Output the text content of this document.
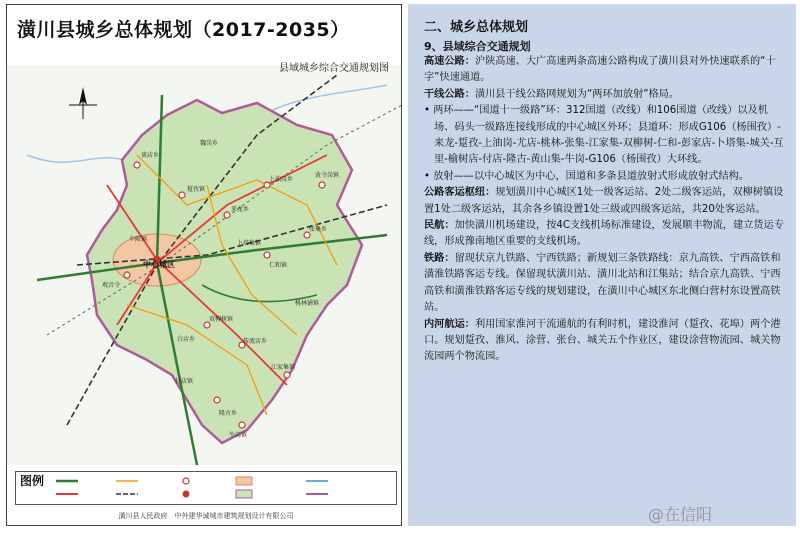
中心城区
谈店乡
踅孜镇
来龙乡
上油岗乡
黄寺岗镇
伞陂镇
魏岗乡
卜塔集镇
双柳树镇
张集乡
仁和镇
桃林铺镇
白店乡
隆古乡
付店镇
江家集镇
传流店乡
牛岗镇
观音寺
潢川县城乡总体规划（2017-2035）
县域城乡综合交通规划图
图例
潢川县人民政府　中外建华诚城市建筑规划设计有限公司
二、城乡总体规划
9、县域综合交通规划

高速公路：沪陕高速、大广高速两条高速公路构成了潢川县对外快速联系的“十字”快速通道。

干线公路：潢川县干线公路网规划为“两环加放射”格局。

• 两环——“国道十一级路”环：312国道（改线）和106国道（改线）以及机场、码头一级路连接线形成的中心城区外环；县道环：形成G106（杨围孜）-来龙-踅孜-上油岗-尤店-桃林-张集-江家集-双柳树-仁和-彭家店-卜塔集-城关-互里-榆树店-付店-隆古-黄山集-牛岗-G106（杨围孜）大环线。

• 放射——以中心城区为中心，国道和多条县道放射式形成放射式结构。

公路客运枢纽：规划潢川中心城区1处一级客运站、2处二级客运站，双柳树镇设置1处二级客运站，其余各乡镇设置1处三级或四级客运站，共20处客运站。

民航：加快潢川机场建设，按4C支线机场标准建设，发展顺丰物流，建立货运专线，形成豫南地区重要的支线机场。

铁路：留现状京九铁路、宁西铁路；新规划三条铁路线：京九高铁、宁西高铁和潢淮铁路客运专线。保留现状潢川站、潢川北站和江集站；结合京九高铁、宁西高铁和潢淮铁路客运专线的规划建设，在潢川中心城区东北侧白营村东设置高铁站。

内河航运：利用国家淮河干流通航的有利时机，建设淮河（踅孜、花埠）两个港口。规划踅孜、淮风、涂营、张台、城关五个作业区，建设涂营物流园、城关物流园两个物流园。

@在信阳
